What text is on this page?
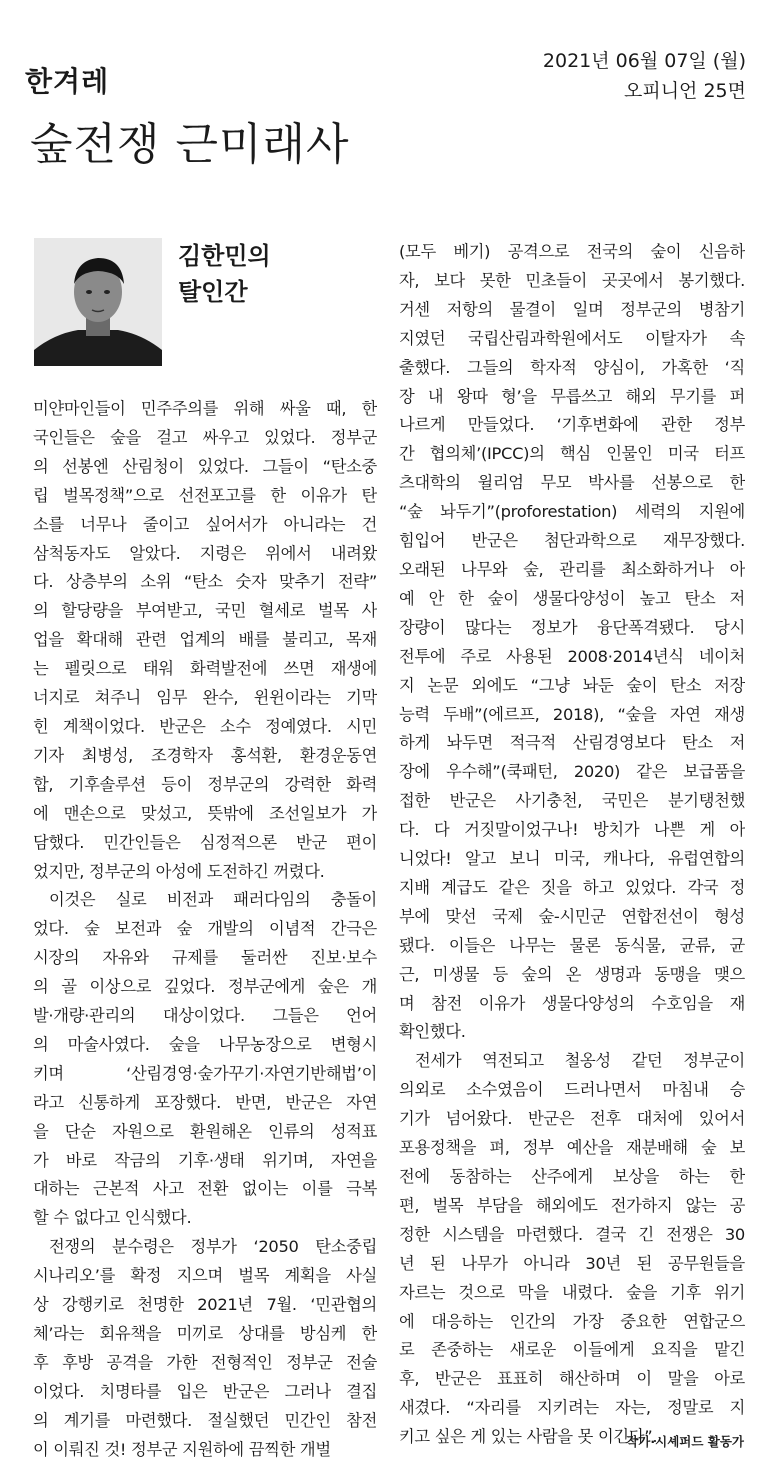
한겨레
2021년 06월 07일 (월)
오피니언 25면
숲전쟁 근미래사
김한민의
탈인간
미얀마인들이 민주주의를 위해 싸울 때, 한
국인들은 숲을 걸고 싸우고 있었다. 정부군
의 선봉엔 산림청이 있었다. 그들이 “탄소중
립 벌목정책”으로 선전포고를 한 이유가 탄
소를 너무나 줄이고 싶어서가 아니라는 건
삼척동자도 알았다. 지령은 위에서 내려왔
다. 상층부의 소위 “탄소 숫자 맞추기 전략”
의 할당량을 부여받고, 국민 혈세로 벌목 사
업을 확대해 관련 업계의 배를 불리고, 목재
는 펠릿으로 태워 화력발전에 쓰면 재생에
너지로 쳐주니 임무 완수, 윈윈이라는 기막
힌 계책이었다. 반군은 소수 정예였다. 시민
기자 최병성, 조경학자 홍석환, 환경운동연
합, 기후솔루션 등이 정부군의 강력한 화력
에 맨손으로 맞섰고, 뜻밖에 조선일보가 가
담했다. 민간인들은 심정적으론 반군 편이
었지만, 정부군의 아성에 도전하긴 꺼렸다.
이것은 실로 비전과 패러다임의 충돌이
었다. 숲 보전과 숲 개발의 이념적 간극은
시장의 자유와 규제를 둘러싼 진보·보수
의 골 이상으로 깊었다. 정부군에게 숲은 개
발·개량·관리의 대상이었다. 그들은 언어
의 마술사였다. 숲을 나무농장으로 변형시
키며 ‘산림경영·숲가꾸기·자연기반해법’이
라고 신통하게 포장했다. 반면, 반군은 자연
을 단순 자원으로 환원해온 인류의 성적표
가 바로 작금의 기후·생태 위기며, 자연을
대하는 근본적 사고 전환 없이는 이를 극복
할 수 없다고 인식했다.
전쟁의 분수령은 정부가 ‘2050 탄소중립
시나리오’를 확정 지으며 벌목 계획을 사실
상 강행키로 천명한 2021년 7월. ‘민관협의
체’라는 회유책을 미끼로 상대를 방심케 한
후 후방 공격을 가한 전형적인 정부군 전술
이었다. 치명타를 입은 반군은 그러나 결집
의 계기를 마련했다. 절실했던 민간인 참전
이 이뤄진 것! 정부군 지원하에 끔찍한 개벌
(모두 베기) 공격으로 전국의 숲이 신음하
자, 보다 못한 민초들이 곳곳에서 봉기했다.
거센 저항의 물결이 일며 정부군의 병참기
지였던 국립산림과학원에서도 이탈자가 속
출했다. 그들의 학자적 양심이, 가혹한 ‘직
장 내 왕따 형’을 무릅쓰고 해외 무기를 퍼
나르게 만들었다. ‘기후변화에 관한 정부
간 협의체’(IPCC)의 핵심 인물인 미국 터프
츠대학의 윌리엄 무모 박사를 선봉으로 한
“숲 놔두기”(proforestation) 세력의 지원에
힘입어 반군은 첨단과학으로 재무장했다.
오래된 나무와 숲, 관리를 최소화하거나 아
예 안 한 숲이 생물다양성이 높고 탄소 저
장량이 많다는 정보가 융단폭격됐다. 당시
전투에 주로 사용된 2008·2014년식 네이처
지 논문 외에도 “그냥 놔둔 숲이 탄소 저장
능력 두배”(에르프, 2018), “숲을 자연 재생
하게 놔두면 적극적 산림경영보다 탄소 저
장에 우수해”(쿡패턴, 2020) 같은 보급품을
접한 반군은 사기충천, 국민은 분기탱천했
다. 다 거짓말이었구나! 방치가 나쁜 게 아
니었다! 알고 보니 미국, 캐나다, 유럽연합의
지배 계급도 같은 짓을 하고 있었다. 각국 정
부에 맞선 국제 숲-시민군 연합전선이 형성
됐다. 이들은 나무는 물론 동식물, 균류, 균
근, 미생물 등 숲의 온 생명과 동맹을 맺으
며 참전 이유가 생물다양성의 수호임을 재
확인했다.
전세가 역전되고 철옹성 같던 정부군이
의외로 소수였음이 드러나면서 마침내 승
기가 넘어왔다. 반군은 전후 대처에 있어서
포용정책을 펴, 정부 예산을 재분배해 숲 보
전에 동참하는 산주에게 보상을 하는 한
편, 벌목 부담을 해외에도 전가하지 않는 공
정한 시스템을 마련했다. 결국 긴 전쟁은 30
년 된 나무가 아니라 30년 된 공무원들을
자르는 것으로 막을 내렸다. 숲을 기후 위기
에 대응하는 인간의 가장 중요한 연합군으
로 존중하는 새로운 이들에게 요직을 맡긴
후, 반군은 표표히 해산하며 이 말을 아로
새겼다. “자리를 지키려는 자는, 정말로 지
키고 싶은 게 있는 사람을 못 이긴다”.
작가·시셰퍼드 활동가
